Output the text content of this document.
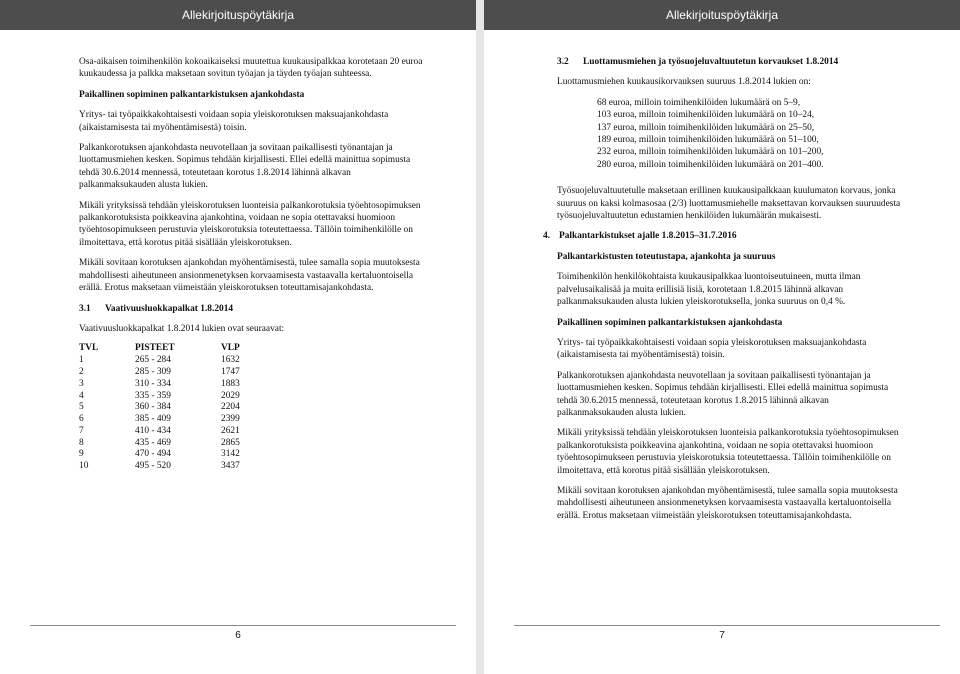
Allekirjoituspöytäkirja

Osa-aikaisen toimihenkilön kokoaikaiseksi muutettua kuukausipalkkaa korotetaan 20 euroa kuukaudessa ja palkka maksetaan sovitun työajan ja täyden työajan suhteessa.

Paikallinen sopiminen palkantarkistuksen ajankohdasta

Yritys- tai työpaikkakohtaisesti voidaan sopia yleiskorotuksen maksuajankohdasta (aikaistamisesta tai myöhentämisestä) toisin.

Palkankorotuksen ajankohdasta neuvotellaan ja sovitaan paikallisesti työnantajan ja luottamusmiehen kesken. Sopimus tehdään kirjallisesti. Ellei edellä mainittua sopimusta tehdä 30.6.2014 mennessä, toteutetaan korotus 1.8.2014 lähinnä alkavan palkanmaksukauden alusta lukien.

Mikäli yrityksissä tehdään yleiskorotuksen luonteisia palkankorotuksia työehtosopimuksen palkankorotuksista poikkeavina ajankohtina, voidaan ne sopia otettavaksi huomioon työehtosopimukseen perustuvia yleiskorotuksia toteutettaessa. Tällöin toimihenkilölle on ilmoitettava, että korotus pitää sisällään yleiskorotuksen.

Mikäli sovitaan korotuksen ajankohdan myöhentämisestä, tulee samalla sopia muutoksesta mahdollisesti aiheutuneen ansionmenetyksen korvaamisesta vastaavalla kertaluontoisella erällä. Erotus maksetaan viimeistään yleiskorotuksen toteuttamisajankohdasta.

3.1 Vaativuusluokkapalkat 1.8.2014

Vaativuusluokkapalkat 1.8.2014 lukien ovat seuraavat:

TVL	PISTEET	VLP
1	265 - 284	1632
2	285 - 309	1747
3	310 - 334	1883
4	335 - 359	2029
5	360 - 384	2204
6	385 - 409	2399
7	410 - 434	2621
8	435 - 469	2865
9	470 - 494	3142
10	495 - 520	3437
6
Allekirjoituspöytäkirja
3.2 Luottamusmiehen ja työsuojeluvaltuutetun korvaukset 1.8.2014

Luottamusmiehen kuukausikorvauksen suuruus 1.8.2014 lukien on:

68 euroa, milloin toimihenkilöiden lukumäärä on 5–9,
103 euroa, milloin toimihenkilöiden lukumäärä on 10–24,
137 euroa, milloin toimihenkilöiden lukumäärä on 25–50,
189 euroa, milloin toimihenkilöiden lukumäärä on 51–100,
232 euroa, milloin toimihenkilöiden lukumäärä on 101–200,
280 euroa, milloin toimihenkilöiden lukumäärä on 201–400.

Työsuojeluvaltuutetulle maksetaan erillinen kuukausipalkkaan kuulumaton korvaus, jonka suuruus on kaksi kolmasosaa (2/3) luottamusmiehelle maksettavan korvauksen suuruudesta työsuojeluvaltuutetun edustamien henkilöiden lukumäärän mukaisesti.

4. Palkantarkistukset ajalle 1.8.2015–31.7.2016

Palkantarkistusten toteutustapa, ajankohta ja suuruus

Toimihenkilön henkilökohtaista kuukausipalkkaa luontoiseutuineen, mutta ilman palvelusaikalisää ja muita erillisiä lisiä, korotetaan 1.8.2015 lähinnä alkavan palkanmaksukauden alusta lukien yleiskorotuksella, jonka suuruus on 0,4 %.

Paikallinen sopiminen palkantarkistuksen ajankohdasta

Yritys- tai työpaikkakohtaisesti voidaan sopia yleiskorotuksen maksuajankohdasta (aikaistamisesta tai myöhentämisestä) toisin.

Palkankorotuksen ajankohdasta neuvotellaan ja sovitaan paikallisesti työnantajan ja luottamusmiehen kesken. Sopimus tehdään kirjallisesti. Ellei edellä mainittua sopimusta tehdä 30.6.2015 mennessä, toteutetaan korotus 1.8.2015 lähinnä alkavan palkanmaksukauden alusta lukien.

Mikäli yrityksissä tehdään yleiskorotuksen luonteisia palkankorotuksia työehtosopimuksen palkankorotuksista poikkeavina ajankohtina, voidaan ne sopia otettavaksi huomioon työehtosopimukseen perustuvia yleiskorotuksia toteutettaessa. Tällöin toimihenkilölle on ilmoitettava, että korotus pitää sisällään yleiskorotuksen.

Mikäli sovitaan korotuksen ajankohdan myöhentämisestä, tulee samalla sopia muutoksesta mahdollisesti aiheutuneen ansionmenetyksen korvaamisesta vastaavalla kertaluontoisella erällä. Erotus maksetaan viimeistään yleiskorotuksen toteuttamisajankohdasta.

7
